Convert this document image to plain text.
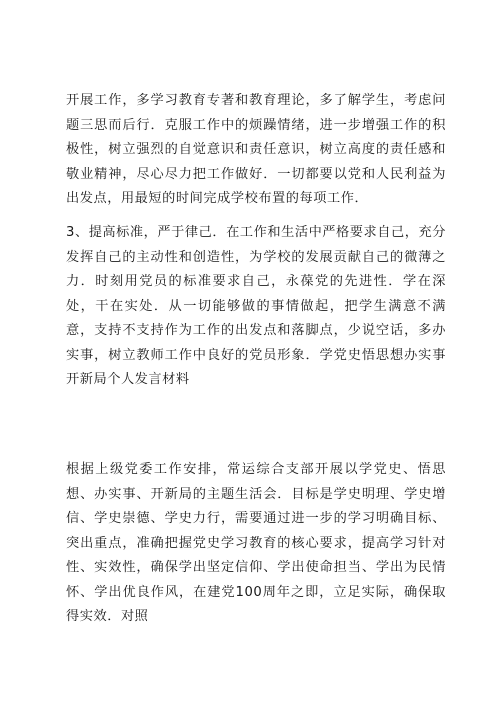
开展工作，多学习教育专著和教育理论，多了解学生，考虑问题三思而后行．克服工作中的烦躁情绪，进一步增强工作的积极性，树立强烈的自觉意识和责任意识，树立高度的责任感和敬业精神，尽心尽力把工作做好．一切都要以党和人民利益为出发点，用最短的时间完成学校布置的每项工作．

3、提高标准，严于律己．在工作和生活中严格要求自己，充分发挥自己的主动性和创造性，为学校的发展贡献自己的微薄之力．时刻用党员的标准要求自己，永葆党的先进性．学在深处，干在实处．从一切能够做的事情做起，把学生满意不满意，支持不支持作为工作的出发点和落脚点，少说空话，多办实事，树立教师工作中良好的党员形象．学党史悟思想办实事开新局个人发言材料

根据上级党委工作安排，常运综合支部开展以学党史、悟思想、办实事、开新局的主题生活会．目标是学史明理、学史增信、学史崇德、学史力行，需要通过进一步的学习明确目标、突出重点，准确把握党史学习教育的核心要求，提高学习针对性、实效性，确保学出坚定信仰、学出使命担当、学出为民情怀、学出优良作风，在建党100周年之即，立足实际，确保取得实效．对照
